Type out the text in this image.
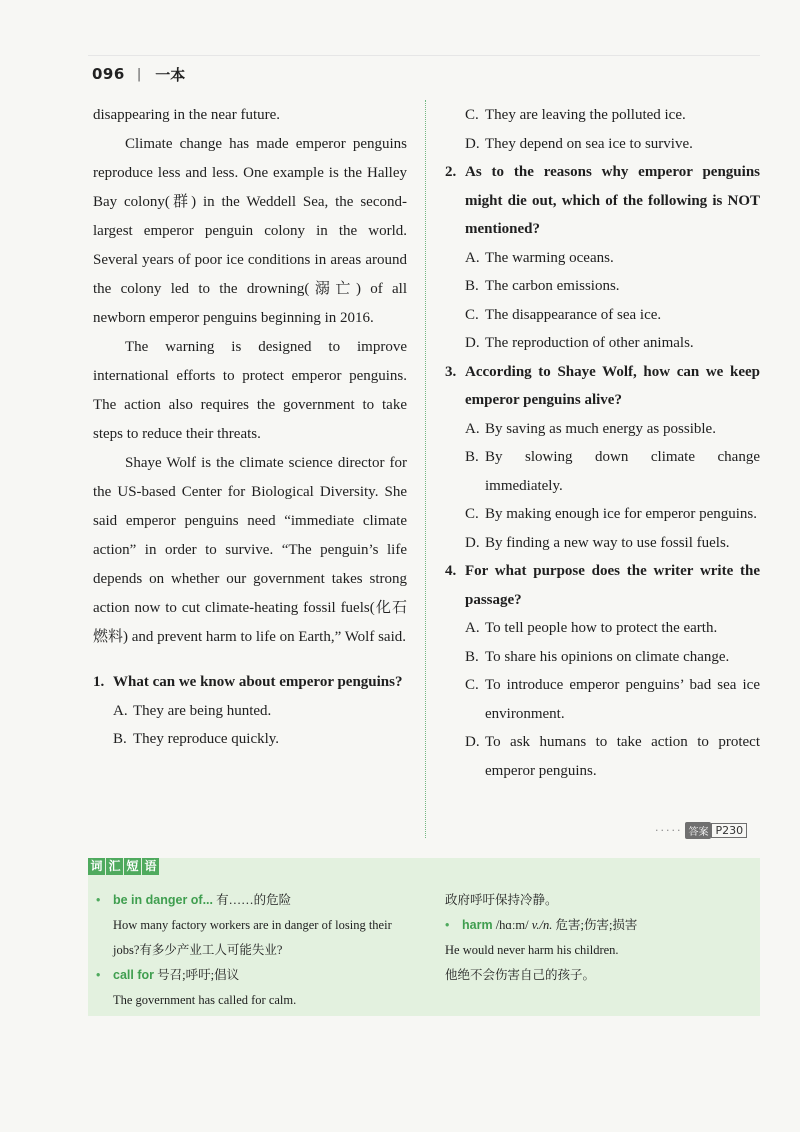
096 | 一本

disappearing in the near future.

Climate change has made emperor penguins reproduce less and less. One example is the Halley Bay colony(群) in the Weddell Sea, the second-largest emperor penguin colony in the world. Several years of poor ice conditions in areas around the colony led to the drowning(溺亡) of all newborn emperor penguins beginning in 2016.

The warning is designed to improve international efforts to protect emperor penguins. The action also requires the government to take steps to reduce their threats.

Shaye Wolf is the climate science director for the US-based Center for Biological Diversity. She said emperor penguins need “immediate climate action” in order to survive. “The penguin’s life depends on whether our government takes strong action now to cut climate-heating fossil fuels(化石燃料) and prevent harm to life on Earth,” Wolf said.

1. What can we know about emperor penguins?
A. They are being hunted.
B. They reproduce quickly.
C. They are leaving the polluted ice.
D. They depend on sea ice to survive.
2. As to the reasons why emperor penguins might die out, which of the following is NOT mentioned?
A. The warming oceans.
B. The carbon emissions.
C. The disappearance of sea ice.
D. The reproduction of other animals.
3. According to Shaye Wolf, how can we keep emperor penguins alive?
A. By saving as much energy as possible.
B. By slowing down climate change immediately.
C. By making enough ice for emperor penguins.
D. By finding a new way to use fossil fuels.
4. For what purpose does the writer write the passage?
A. To tell people how to protect the earth.
B. To share his opinions on climate change.
C. To introduce emperor penguins’ bad sea ice environment.
D. To ask humans to take action to protect emperor penguins.
····· 答案 P230
词 汇 短 语
• be in danger of... 有……的危险
How many factory workers are in danger of losing their jobs?有多少产业工人可能失业?
• call for 号召;呼吁;倡议
The government has called for calm.
政府呼吁保持冷静。
• harm /hɑːm/ v./n. 危害;伤害;损害
He would never harm his children.
他绝不会伤害自己的孩子。
